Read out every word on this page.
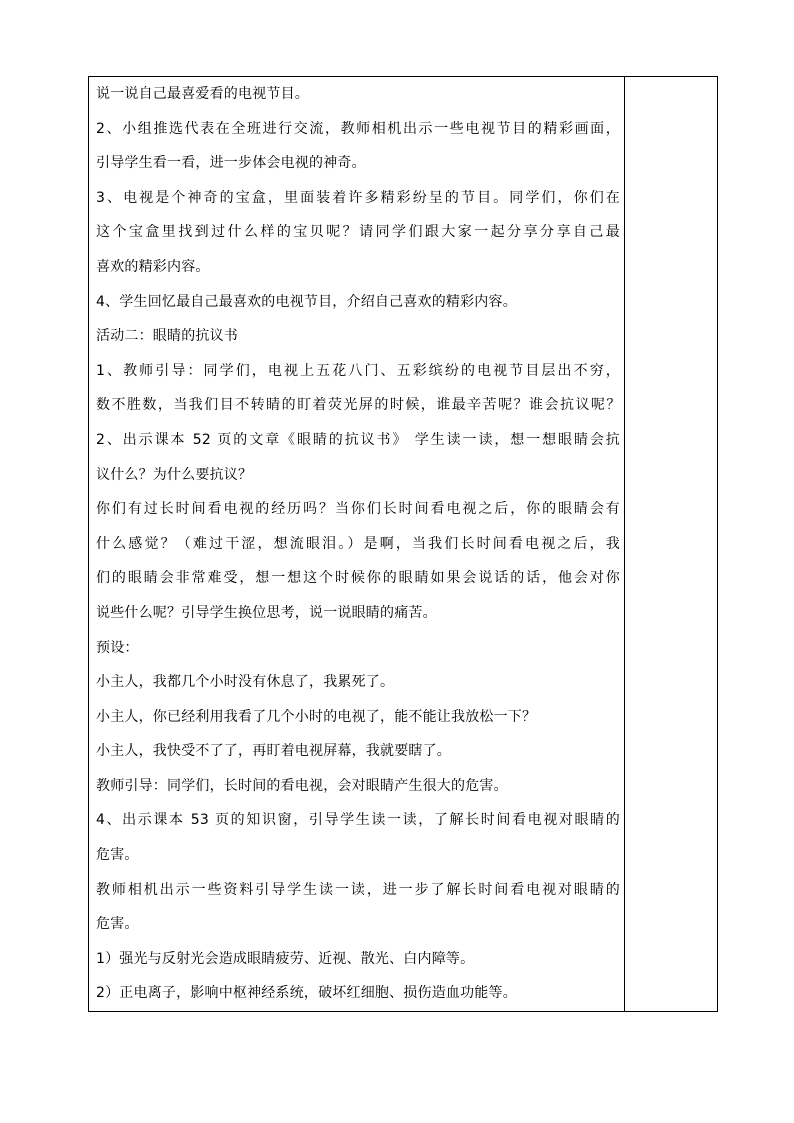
说一说自己最喜爱看的电视节目。
2、小组推选代表在全班进行交流，教师相机出示一些电视节目的精彩画面，
引导学生看一看，进一步体会电视的神奇。
3、电视是个神奇的宝盒，里面装着许多精彩纷呈的节目。同学们，你们在
这个宝盒里找到过什么样的宝贝呢？请同学们跟大家一起分享分享自己最
喜欢的精彩内容。
4、学生回忆最自己最喜欢的电视节目，介绍自己喜欢的精彩内容。
活动二：眼睛的抗议书
1、教师引导：同学们，电视上五花八门、五彩缤纷的电视节目层出不穷，
数不胜数，当我们目不转睛的盯着荧光屏的时候，谁最辛苦呢？谁会抗议呢？
2、出示课本 52 页的文章《眼睛的抗议书》 学生读一读，想一想眼睛会抗
议什么？为什么要抗议？
你们有过长时间看电视的经历吗？当你们长时间看电视之后，你的眼睛会有
什么感觉？（难过干涩，想流眼泪。）是啊，当我们长时间看电视之后，我
们的眼睛会非常难受，想一想这个时候你的眼睛如果会说话的话，他会对你
说些什么呢？引导学生换位思考，说一说眼睛的痛苦。
预设：
小主人，我都几个小时没有休息了，我累死了。
小主人，你已经利用我看了几个小时的电视了，能不能让我放松一下？
小主人，我快受不了了，再盯着电视屏幕，我就要瞎了。
教师引导：同学们，长时间的看电视，会对眼睛产生很大的危害。
4、出示课本 53 页的知识窗，引导学生读一读，了解长时间看电视对眼睛的
危害。
教师相机出示一些资料引导学生读一读，进一步了解长时间看电视对眼睛的
危害。
1）强光与反射光会造成眼睛疲劳、近视、散光、白内障等。
2）正电离子，影响中枢神经系统，破坏红细胞、损伤造血功能等。
